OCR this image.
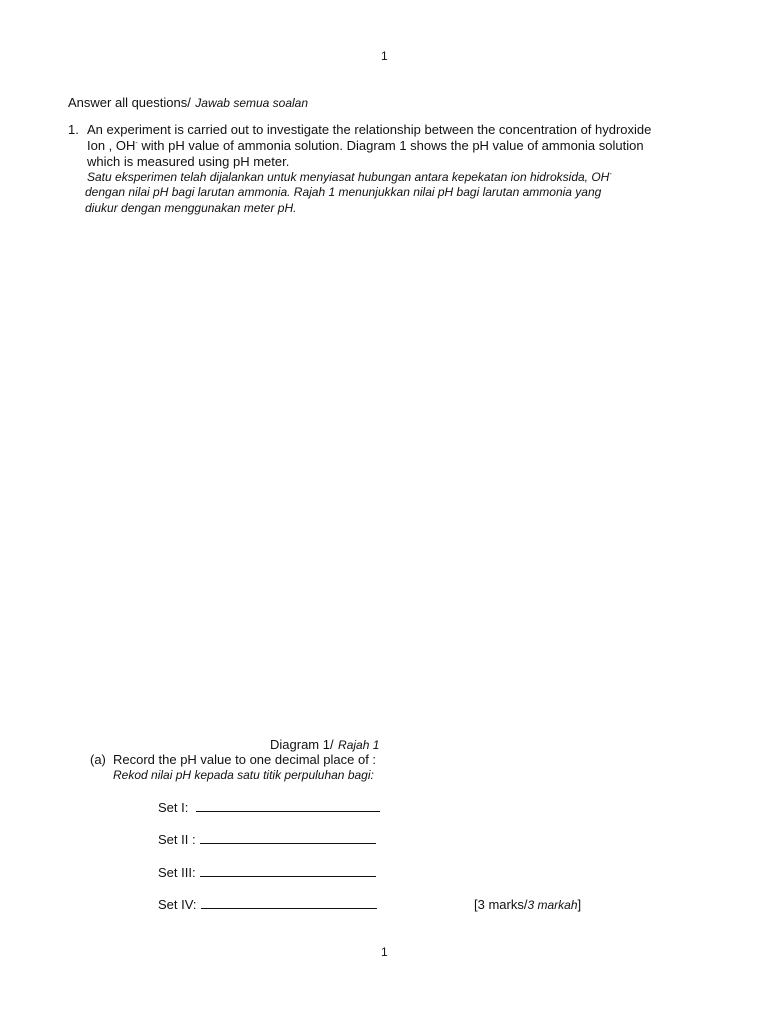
1
Answer all questions/ Jawab semua soalan
1. An experiment is carried out to investigate the relationship between the concentration of hydroxide
Ion , OH- with pH value of ammonia solution. Diagram 1 shows the pH value of ammonia solution
which is measured using pH meter.
Satu eksperimen telah dijalankan untuk menyiasat hubungan antara kepekatan ion hidroksida, OH-
dengan nilai pH bagi larutan ammonia. Rajah 1 menunjukkan nilai pH bagi larutan ammonia yang
diukur dengan menggunakan meter pH.
Diagram 1/ Rajah 1
(a) Record the pH value to one decimal place of :
Rekod nilai pH kepada satu titik perpuluhan bagi:
Set I:
Set II :
Set III:
Set IV:	[3 marks/3 markah]
1
